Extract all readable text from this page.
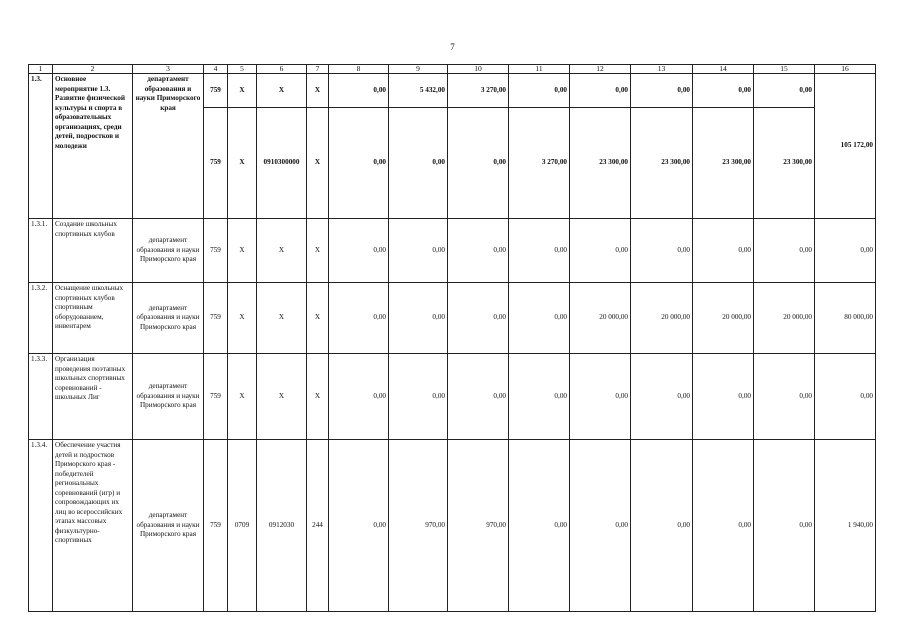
7
1	2	3	4	5	6	7	8	9	10	11	12	13	14	15	16
1.3.	Основное мероприятие 1.3. Развитие физической культуры и спорта в образовательных организациях, среди детей, подростков и молодежи	департамент образования и науки Приморского края	759	Х	Х	Х	0,00	5 432,00	3 270,00	0,00	0,00	0,00	0,00	0,00	105 172,00
			759	Х	0910300000	Х	0,00	0,00	0,00	3 270,00	23 300,00	23 300,00	23 300,00	23 300,00	
1.3.1.	Создание школьных спортивных клубов	департамент образования и науки Приморского края	759	Х	Х	Х	0,00	0,00	0,00	0,00	0,00	0,00	0,00	0,00	0,00
1.3.2.	Оснащение школьных спортивных клубов спортивным оборудованием, инвентарем	департамент образования и науки Приморского края	759	Х	Х	Х	0,00	0,00	0,00	0,00	20 000,00	20 000,00	20 000,00	20 000,00	80 000,00
1.3.3.	Организация проведения поэтапных школьных спортивных соревнований - школьных Лиг	департамент образования и науки Приморского края	759	Х	Х	Х	0,00	0,00	0,00	0,00	0,00	0,00	0,00	0,00	0,00
1.3.4.	Обеспечение участия детей и подростков Приморского края - победителей региональных соревнований (игр) и сопровождающих их лиц во всероссийских этапах массовых физкультурно-спортивных	департамент образования и науки Приморского края	759	0709	0912030	244	0,00	970,00	970,00	0,00	0,00	0,00	0,00	0,00	1 940,00
